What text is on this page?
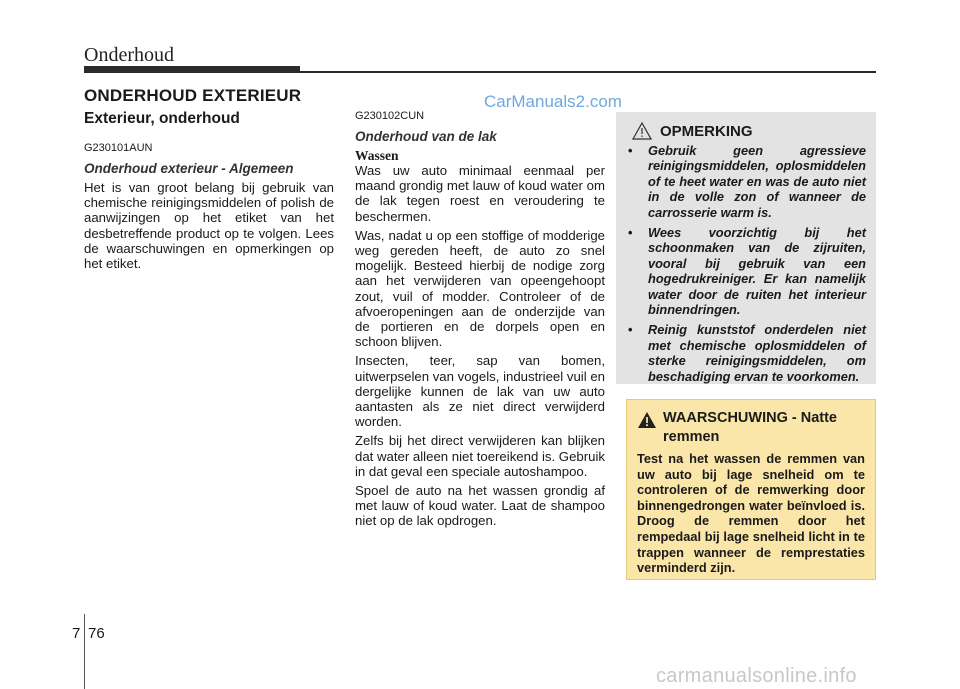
Onderhoud
ONDERHOUD EXTERIEUR	CarManuals2.com
Exterieur, onderhoud
G230101AUN
Onderhoud exterieur - Algemeen

Het is van groot belang bij gebruik van chemische reinigingsmiddelen of polish de aanwijzingen op het etiket van het desbetreffende product op te volgen. Lees de waarschuwingen en opmerkingen op het etiket.

G230102CUN
Onderhoud van de lak
Wassen

Was uw auto minimaal eenmaal per maand grondig met lauw of koud water om de lak tegen roest en veroudering te beschermen.

Was, nadat u op een stoffige of modderige weg gereden heeft, de auto zo snel mogelijk. Besteed hierbij de nodige zorg aan het verwijderen van opeengehoopt zout, vuil of modder. Controleer of de afvoeropeningen aan de onderzijde van de portieren en de dorpels open en schoon blijven.

Insecten, teer, sap van bomen, uitwerpselen van vogels, industrieel vuil en dergelijke kunnen de lak van uw auto aantasten als ze niet direct verwijderd worden.

Zelfs bij het direct verwijderen kan blijken dat water alleen niet toereikend is. Gebruik in dat geval een speciale autoshampoo.

Spoel de auto na het wassen grondig af met lauw of koud water. Laat de shampoo niet op de lak opdrogen.

OPMERKING
• Gebruik geen agressieve reinigingsmiddelen, oplosmiddelen of te heet water en was de auto niet in de volle zon of wanneer de carrosserie warm is.
• Wees voorzichtig bij het schoonmaken van de zijruiten, vooral bij gebruik van een hogedrukreiniger. Er kan namelijk water door de ruiten het interieur binnendringen.
• Reinig kunststof onderdelen niet met chemische oplosmiddelen of sterke reinigingsmiddelen, om beschadiging ervan te voorkomen.
WAARSCHUWING - Natte
remmen
Test na het wassen de remmen van uw auto bij lage snelheid om te controleren of de remwerking door binnengedrongen water beïnvloed is. Droog de remmen door het rempedaal bij lage snelheid licht in te trappen wanneer de remprestaties verminderd zijn.
7 76
carmanualsonline.info
